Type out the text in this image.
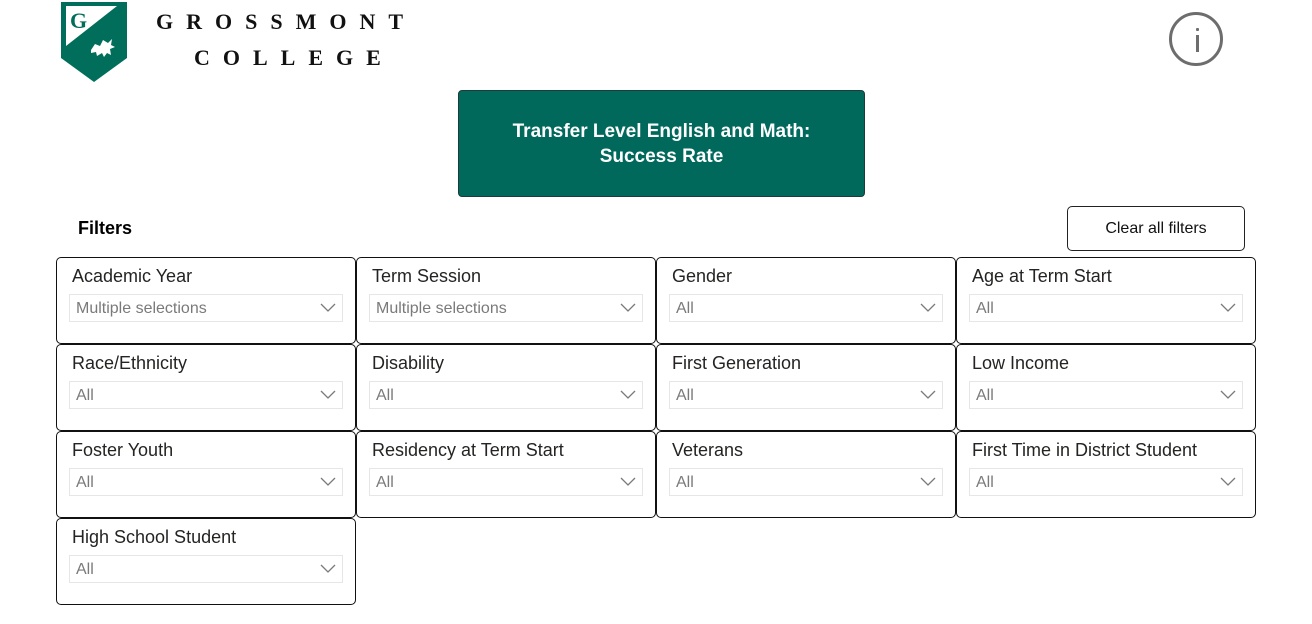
G	GROSSMONT
COLLEGE
Transfer Level English and Math:
Success Rate
Filters	Clear all filters
Academic Year
Multiple selections
Term Session
Multiple selections
Gender
All
Age at Term Start
All
Race/Ethnicity
All
Disability
All
First Generation
All
Low Income
All
Foster Youth
All
Residency at Term Start
All
Veterans
All
First Time in District Student
All
High School Student
All
